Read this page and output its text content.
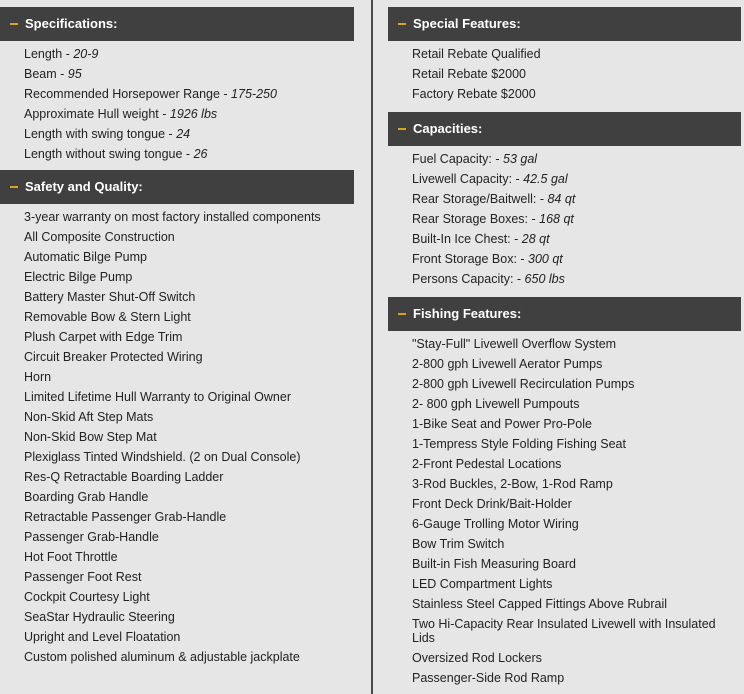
Specifications:
Length - 20-9
Beam - 95
Recommended Horsepower Range - 175-250
Approximate Hull weight - 1926 lbs
Length with swing tongue - 24
Length without swing tongue - 26
Safety and Quality:
3-year warranty on most factory installed components
All Composite Construction
Automatic Bilge Pump
Electric Bilge Pump
Battery Master Shut-Off Switch
Removable Bow & Stern Light
Plush Carpet with Edge Trim
Circuit Breaker Protected Wiring
Horn
Limited Lifetime Hull Warranty to Original Owner
Non-Skid Aft Step Mats
Non-Skid Bow Step Mat
Plexiglass Tinted Windshield. (2 on Dual Console)
Res-Q Retractable Boarding Ladder
Boarding Grab Handle
Retractable Passenger Grab-Handle
Passenger Grab-Handle
Hot Foot Throttle
Passenger Foot Rest
Cockpit Courtesy Light
SeaStar Hydraulic Steering
Upright and Level Floatation
Custom polished aluminum & adjustable jackplate
Special Features:
Retail Rebate Qualified
Retail Rebate $2000
Factory Rebate $2000
Capacities:
Fuel Capacity: - 53 gal
Livewell Capacity: - 42.5 gal
Rear Storage/Baitwell: - 84 qt
Rear Storage Boxes: - 168 qt
Built-In Ice Chest: - 28 qt
Front Storage Box: - 300 qt
Persons Capacity: - 650 lbs
Fishing Features:
"Stay-Full" Livewell Overflow System
2-800 gph Livewell Aerator Pumps
2-800 gph Livewell Recirculation Pumps
2- 800 gph Livewell Pumpouts
1-Bike Seat and Power Pro-Pole
1-Tempress Style Folding Fishing Seat
2-Front Pedestal Locations
3-Rod Buckles, 2-Bow, 1-Rod Ramp
Front Deck Drink/Bait-Holder
6-Gauge Trolling Motor Wiring
Bow Trim Switch
Built-in Fish Measuring Board
LED Compartment Lights
Stainless Steel Capped Fittings Above Rubrail
Two Hi-Capacity Rear Insulated Livewell with Insulated Lids
Oversized Rod Lockers
Passenger-Side Rod Ramp
